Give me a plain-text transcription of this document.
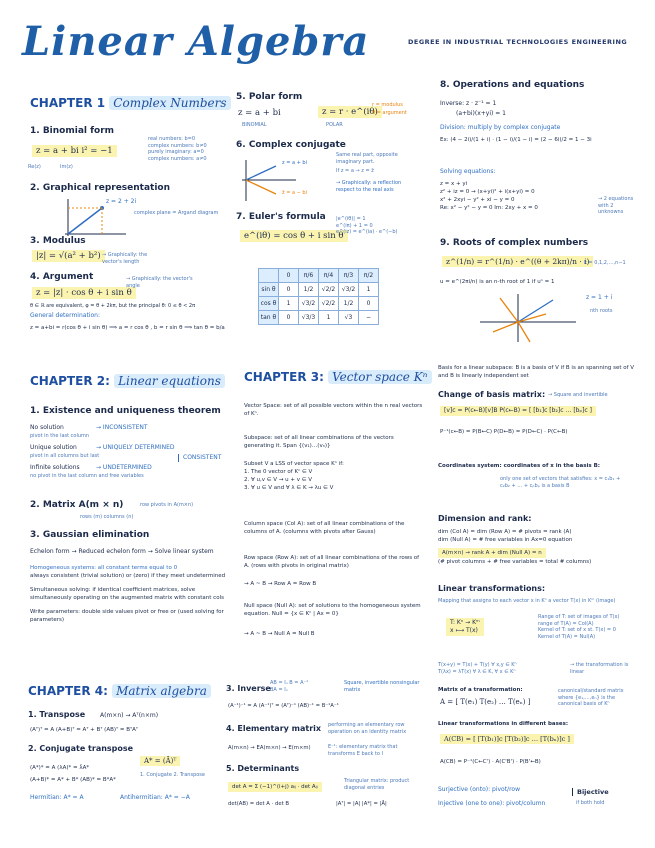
Linear Algebra	DEGREE IN INDUSTRIAL TECHNOLOGIES ENGINEERING
CHAPTER 1 Complex Numbers
1. Binomial form
z = a + bi i² = −1
Re(z)	Im(z)
real numbers: b=0
complex numbers: b≠0
purely imaginary: a=0
complex numbers: a≠0
2. Graphical representation
z = 2 + 2i
complex plane = Argand diagram
3. Modulus
|z| = √(a² + b²) → Graphically: the vector's length
4. Argument
z = |z| · cos θ + i sin θ
→ Graphically: the vector's angle
θ ∈ ℝ are equivalent, φ = θ + 2kπ, but the principal θ: 0 ≤ θ < 2π
General determination:
z = a+bi = r(cos θ + i sin θ) ⟹ a = r cos θ , b = r sin θ ⟹ tan θ = b/a
5. Polar form
z = a + bi	z = r · e^(iθ)
BINOMIAL	POLAR
r = modulus
θ = argument
6. Complex conjugate
z = a + bi
z̄ = a − bi
Same real part, opposite imaginary part.
If z = a → z = z̄
→ Graphically: a reflection respect to the real axis
7. Euler's formula
e^(iθ) = cos θ + i sin θ
|e^(iθ)| = 1
e^(iπ) + 1 = 0
e^(iz) = e^(ia) · e^(−b)
	0	π/6	π/4	π/3	π/2
sin θ	0	1/2	√2/2	√3/2	1
cos θ	1	√3/2	√2/2	1/2	0
tan θ	0	√3/3	1	√3	−
8. Operations and equations
Inverse: z · z⁻¹ = 1
(a+bi)(x+yi) = 1
Division: multiply by complex conjugate
Ex: (4 − 2i)/(1 + i) · (1 − i)/(1 − i) = (2 − 6i)/2 = 1 − 3i
Solving equations:
z = x + yi
z² + iz = 0 → (x+yi)² + i(x+yi) = 0
x² + 2xyi − y² + xi − y = 0
Re: x² − y² − y = 0 Im: 2xy + x = 0
→ 2 equations with 2 unknowns
9. Roots of complex numbers
z^(1/n) = r^(1/n) · e^((θ + 2kπ)/n · i)
k = 0,1,2,…,n−1
u = e^(2πi/n) is an n-th root of 1 if uⁿ = 1
z = 1 + i
nth roots
CHAPTER 2: Linear equations
1. Existence and uniqueness theorem
No solution	→ INCONSISTENT
pivot in the last column
Unique solution	→ UNIQUELY DETERMINED
pivot in all columns but last
Infinite solutions	→ UNDETERMINED
no pivot in the last column and free variables
CONSISTENT
2. Matrix A(m × n)
rows (m) columns (n)
row pivots in A(m×n)
3. Gaussian elimination
Echelon form → Reduced echelon form → Solve linear system
Homogeneous systems: all constant terms equal to 0
always consistent (trivial solution) or (zero) if they meet undetermined
Simultaneous solving: if identical coefficient matrices, solve simultaneously operating on the augmented matrix with constant cols
Write parameters: double side values pivot or free or (used solving for parameters)
CHAPTER 3: Vector space Kⁿ
Vector Space: set of all possible vectors within the n real vectors of Kⁿ.
Subspace: set of all linear combinations of the vectors generating it. Span {(v₁)…(vₙ)}
Subset V a LSS of vector space Kⁿ if:
1. The 0 vector of Kⁿ ∈ V
2. ∀ u,v ∈ V → u + v ∈ V
3. ∀ u ∈ V and ∀ λ ∈ K → λu ∈ V
Column space (Col A): set of all linear combinations of the columns of A. (columns with pivots after Gauss)
Row space (Row A): set of all linear combinations of the rows of A. (rows with pivots in original matrix)
→ A ~ B → Row A = Row B
Null space (Null A): set of solutions to the homogeneous system equation. Null = {x ∈ Kⁿ | Ax = 0}
→ A ~ B → Null A = Null B
Basis for a linear subspace: B is a basis of V if B is an spanning set of V and B is linearly independent set
Change of basis matrix: → Square and invertible
[v]c = P(c←B)[v]B P(c←B) = [ [b₁]c [b₂]c … [bₚ]c ]
P⁻¹(c←B) = P(B←C) P(D←B) = P(D←C) · P(C←B)
Coordinates system: coordinates of x in the basis B:
only one set of vectors that satisfies: x = c₁b₁ + c₂b₂ + … + cₚbₚ is a basis B
Dimension and rank:
dim (Col A) = dim (Row A) = # pivots = rank (A)
dim (Null A) = # free variables in Ax=0 equation
A(m×n) → rank A + dim (Null A) = n
(# pivot columns + # free variables = total # columns)
Linear transformations:
Mapping that assigns to each vector x in Kⁿ a vector T(x) in Kᵐ (image)
T: Kⁿ → Kᵐ
x ⟼ T(x)
Range of T: set of images of T(x)
range of T(A) = Col(A)
Kernel of T: set of x st. T(x) = 0
Kernel of T(A) = Nul(A)
T(x+y) = T(x) + T(y) ∀ x,y ∈ Kⁿ
T(λx) = λT(x) ∀ λ ∈ K, ∀ x ∈ Kⁿ
→ the transformation is linear
Matrix of a transformation:
A = [ T(e₁) T(e₂) … T(eₙ) ]
canonical/standard matrix where {e₁,…,eₙ} is the canonical basis of Kⁿ
Linear transformations in different bases:
A(CB) = [ [T(b₁)]c [T(b₂)]c … [T(bₙ)]c ]
A(CB) = P⁻¹(C←C') · A(C'B') · P(B'←B)
Surjective (onto): pivot/row
Injective (one to one): pivot/column
Bijective
if both hold
CHAPTER 4: Matrix algebra
1. Transpose A(m×n) → Aᵀ(n×m)
(Aᵀ)ᵀ = A (A+B)ᵀ = Aᵀ + Bᵀ (AB)ᵀ = BᵀAᵀ
2. Conjugate transpose
(A*)* = A (λA)* = λ̄A*
(A+B)* = A* + B* (AB)* = B*A*
A* = (Ā)ᵀ
1. Conjugate 2. Transpose
Hermitian: A* = A	Antihermitian: A* = −A
3. Inverse
AB = Iₙ B = A⁻¹
BA = Iₙ
Square, invertible nonsingular matrix
(A⁻¹)⁻¹ = A (A⁻¹)ᵀ = (Aᵀ)⁻¹ (AB)⁻¹ = B⁻¹A⁻¹
4. Elementary matrix performing an elementary row operation on an identity matrix
A(m×n) → EA(m×n) → E(m×m)	E⁻¹: elementary matrix that transforms E back to I
5. Determinants
det A = Σ (−1)^(i+j) aᵢⱼ · det Aᵢⱼ
Triangular matrix: product diagonal entries
det(AB) = det A · det B	|Aᵀ| = |A| |A*| = |Ā|
